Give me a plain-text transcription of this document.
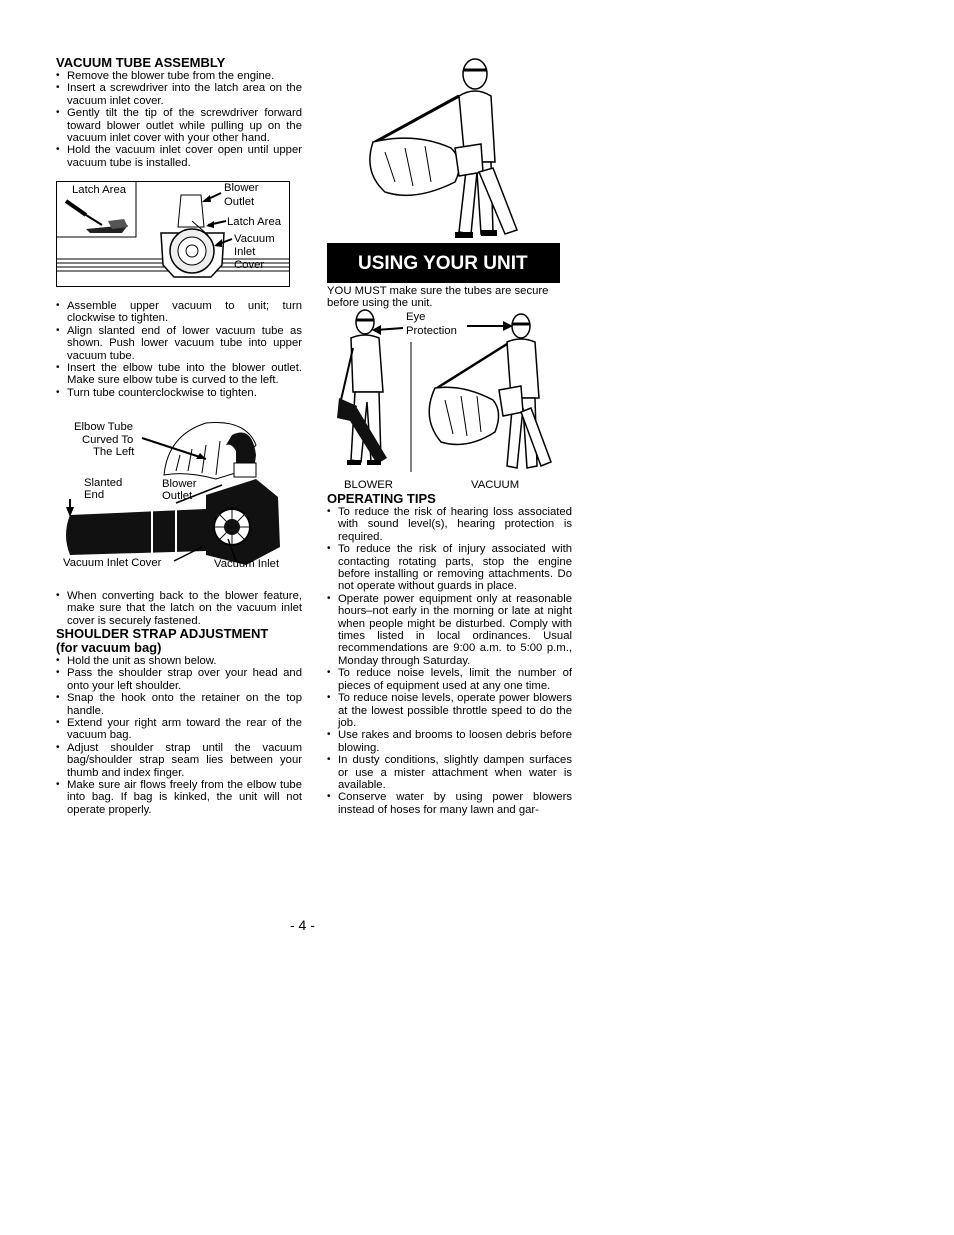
VACUUM TUBE ASSEMBLY

• Remove the blower tube from the engine.
• Insert a screwdriver into the latch area on the vacuum inlet cover.
• Gently tilt the tip of the screwdriver forward toward blower outlet while pulling up on the vacuum inlet cover with your other hand.
• Hold the vacuum inlet cover open until upper vacuum tube is installed.
Latch Area	Blower
Outlet
Latch Area
Vacuum
Inlet
Cover
• Assemble upper vacuum to unit; turn clockwise to tighten.
• Align slanted end of lower vacuum tube as shown. Push lower vacuum tube into upper vacuum tube.
• Insert the elbow tube into the blower outlet. Make sure elbow tube is curved to the left.
• Turn tube counterclockwise to tighten.
Elbow Tube
Curved To
The Left
Slanted
End
Blower
Outlet
Vacuum Inlet Cover	Vacuum Inlet
• When converting back to the blower feature, make sure that the latch on the vacuum inlet cover is securely fastened.

SHOULDER STRAP ADJUSTMENT

(for vacuum bag)

• Hold the unit as shown below.
• Pass the shoulder strap over your head and onto your left shoulder.
• Snap the hook onto the retainer on the top handle.
• Extend your right arm toward the rear of the vacuum bag.
• Adjust shoulder strap until the vacuum bag/shoulder strap seam lies between your thumb and index finger.
• Make sure air flows freely from the elbow tube into bag. If bag is kinked, the unit will not operate properly.
USING YOUR UNIT
YOU MUST make sure the tubes are secure before using the unit.
Eye
Protection
BLOWER	VACUUM

OPERATING TIPS

• To reduce the risk of hearing loss associated with sound level(s), hearing protection is required.
• To reduce the risk of injury associated with contacting rotating parts, stop the engine before installing or removing attachments. Do not operate without guards in place.
• Operate power equipment only at reasonable hours–not early in the morning or late at night when people might be disturbed. Comply with times listed in local ordinances. Usual recommendations are 9:00 a.m. to 5:00 p.m., Monday through Saturday.
• To reduce noise levels, limit the number of pieces of equipment used at any one time.
• To reduce noise levels, operate power blowers at the lowest possible throttle speed to do the job.
• Use rakes and brooms to loosen debris before blowing.
• In dusty conditions, slightly dampen surfaces or use a mister attachment when water is available.
• Conserve water by using power blowers instead of hoses for many lawn and gar-
- 4 -
